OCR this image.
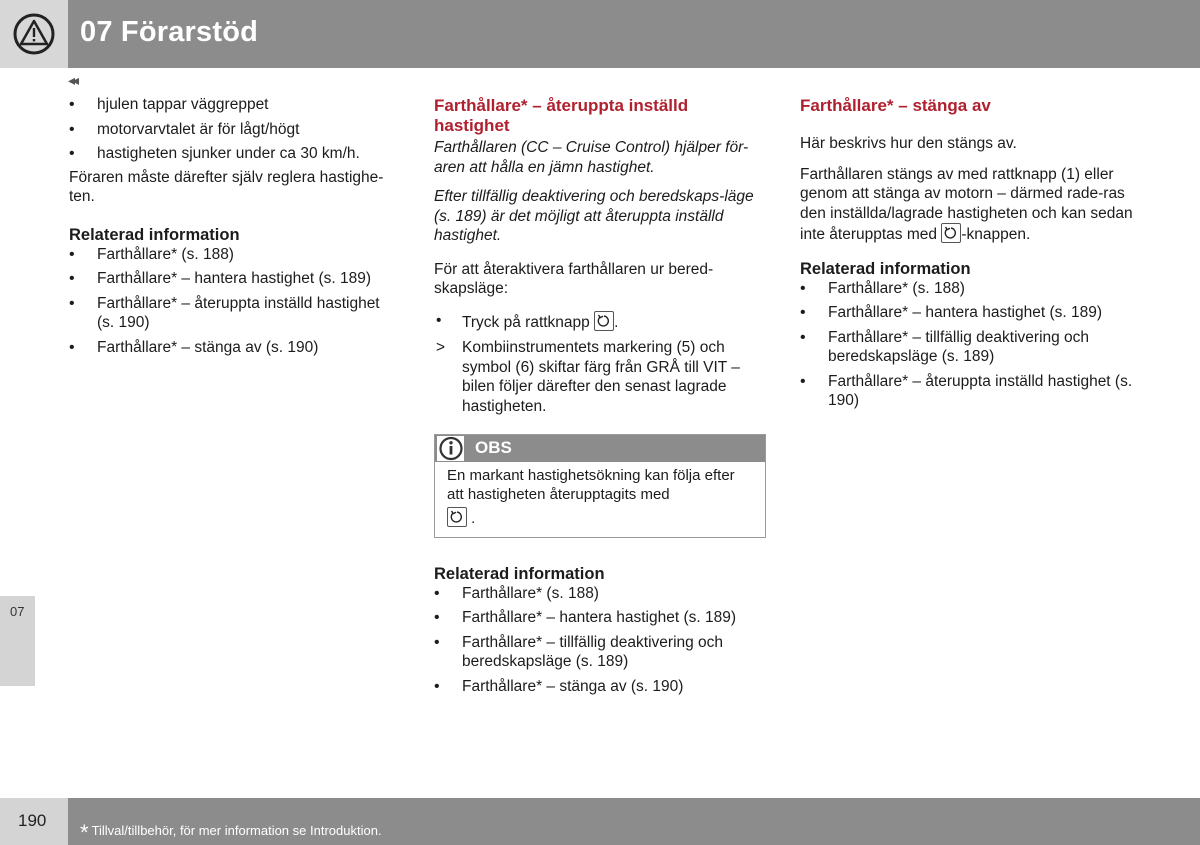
07 Förarstöd
◂◂
• hjulen tappar väggreppet
• motorvarvtalet är för lågt/högt
• hastigheten sjunker under ca 30 km/h.

Föraren måste därefter själv reglera hastighe-ten.

Relaterad information
• Farthållare* (s. 188)
• Farthållare* – hantera hastighet (s. 189)
• Farthållare* – återuppta inställd hastighet (s. 190)
• Farthållare* – stänga av (s. 190)
Farthållare* – återuppta inställd hastighet

Farthållaren (CC – Cruise Control) hjälper för-aren att hålla en jämn hastighet.

Efter tillfällig deaktivering och beredskaps-läge (s. 189) är det möjligt att återuppta inställd hastighet.

För att återaktivera farthållaren ur bered-skapsläge:

• Tryck på rattknapp .
> Kombiinstrumentets markering (5) och symbol (6) skiftar färg från GRÅ till VIT – bilen följer därefter den senast lagrade hastigheten.
OBS
En markant hastighetsökning kan följa efter att hastigheten återupptagits med

.
Relaterad information
• Farthållare* (s. 188)
• Farthållare* – hantera hastighet (s. 189)
• Farthållare* – tillfällig deaktivering och beredskapsläge (s. 189)
• Farthållare* – stänga av (s. 190)
Farthållare* – stänga av

Här beskrivs hur den stängs av.

Farthållaren stängs av med rattknapp (1) eller genom att stänga av motorn – därmed rade-ras den inställda/lagrade hastigheten och kan sedan inte återupptas med -knappen.

Relaterad information
• Farthållare* (s. 188)
• Farthållare* – hantera hastighet (s. 189)
• Farthållare* – tillfällig deaktivering och beredskapsläge (s. 189)
• Farthållare* – återuppta inställd hastighet (s. 190)
07
190 * Tillval/tillbehör, för mer information se Introduktion.
